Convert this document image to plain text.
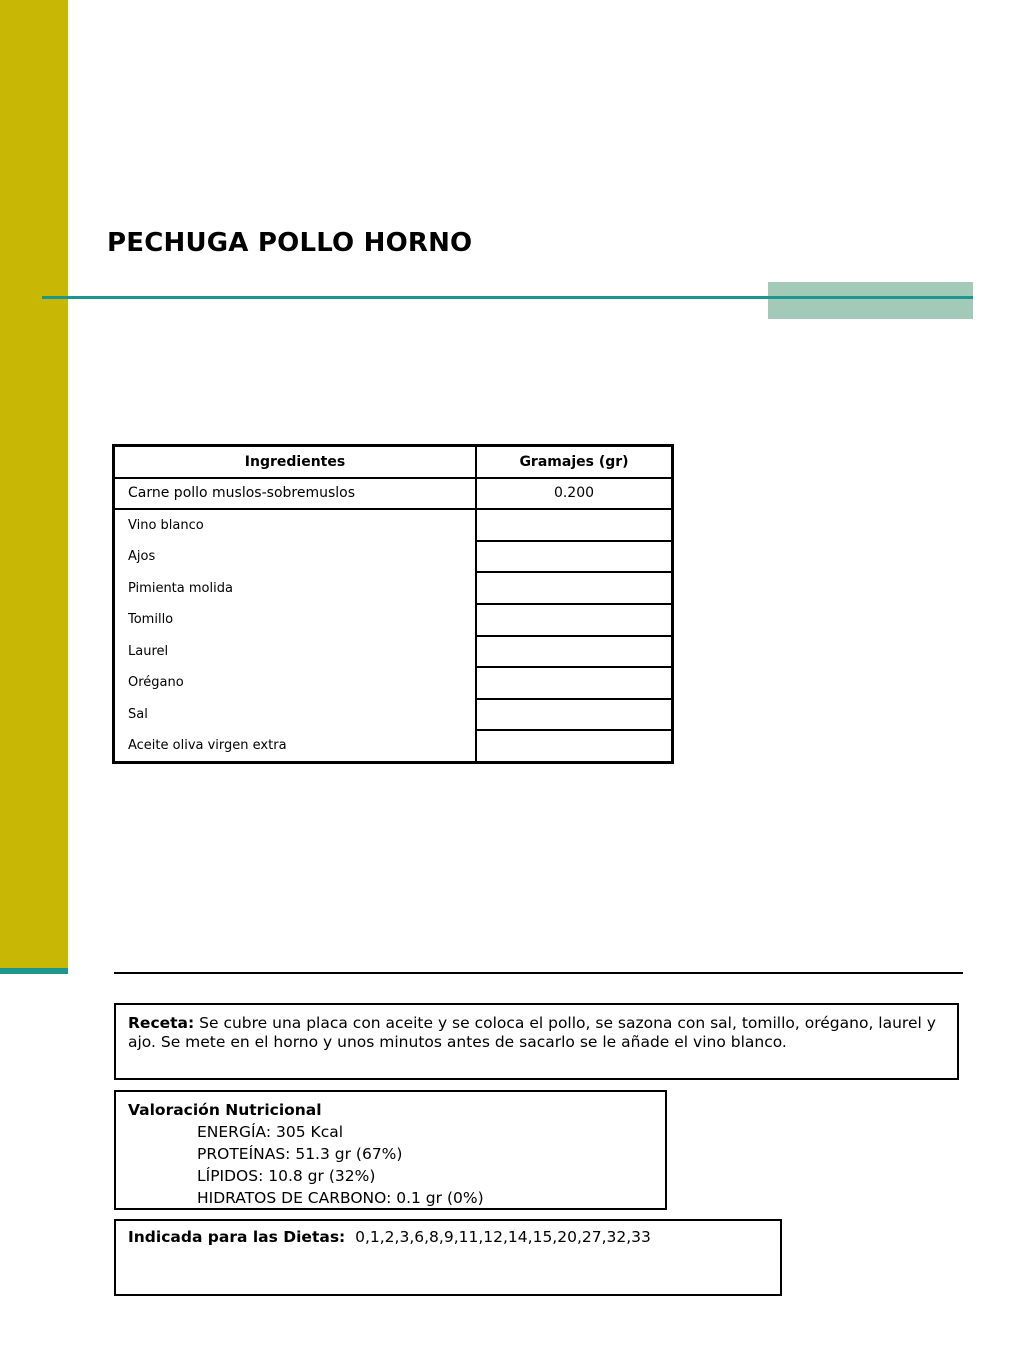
PECHUGA POLLO HORNO
Ingredientes	Gramajes (gr)
Carne pollo muslos-sobremuslos	0.200
Vino blanco	
Ajos	
Pimienta molida	
Tomillo	
Laurel	
Orégano	
Sal	
Aceite oliva virgen extra	
Receta: Se cubre una placa con aceite y se coloca el pollo, se sazona con sal, tomillo, orégano, laurel y ajo. Se mete en el horno y unos minutos antes de sacarlo se le añade el vino blanco.
Valoración Nutricional
ENERGÍA: 305 Kcal
PROTEÍNAS: 51.3 gr (67%)
LÍPIDOS: 10.8 gr (32%)
HIDRATOS DE CARBONO: 0.1 gr (0%)
Indicada para las Dietas: 0,1,2,3,6,8,9,11,12,14,15,20,27,32,33
